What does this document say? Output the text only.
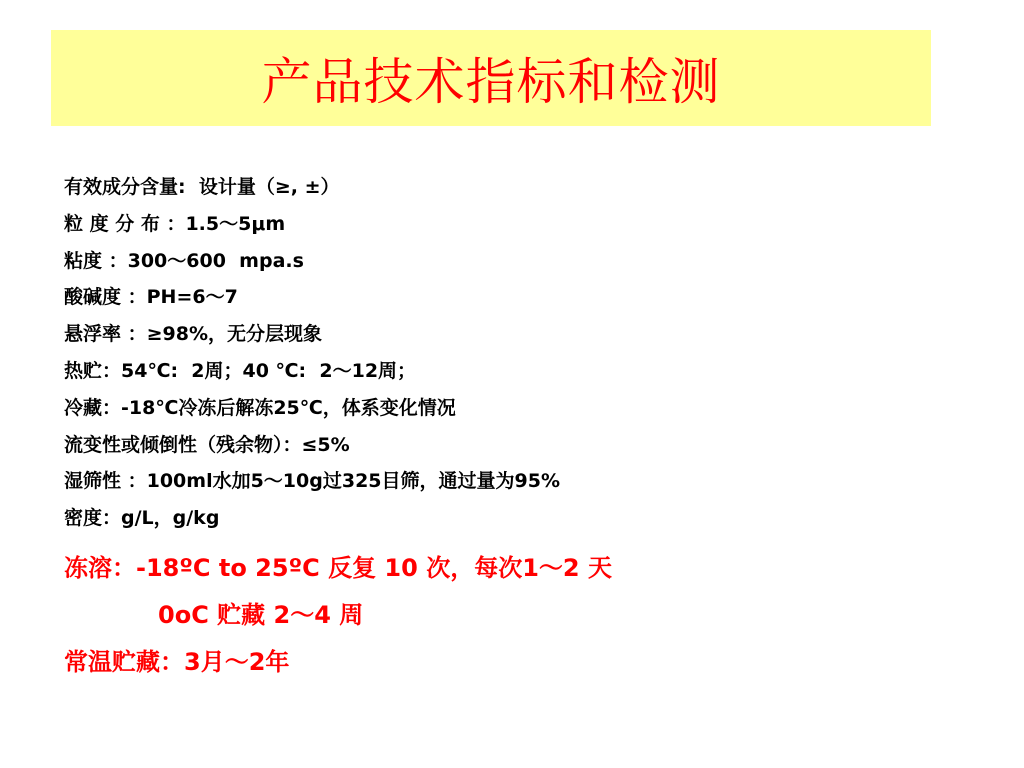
产品技术指标和检测
有效成分含量:  设计量（≥, ±）
粒 度 分 布 ：1.5～5μm
粘度 ：300～600  mpa.s
酸碱度 ：PH=6～7
悬浮率 ：≥98%，无分层现象
热贮：54℃:  2周；40 ℃:  2～12周；
冷藏：-18℃冷冻后解冻25℃，体系变化情况
流变性或倾倒性（残余物）：≤5%
湿筛性 ：100ml水加5～10g过325目筛，通过量为95%
密度：g/L，g/kg
冻溶：-18ºC to 25ºC 反复 10 次，每次1～2 天
0oC 贮藏 2～4 周
常温贮藏：3月～2年
